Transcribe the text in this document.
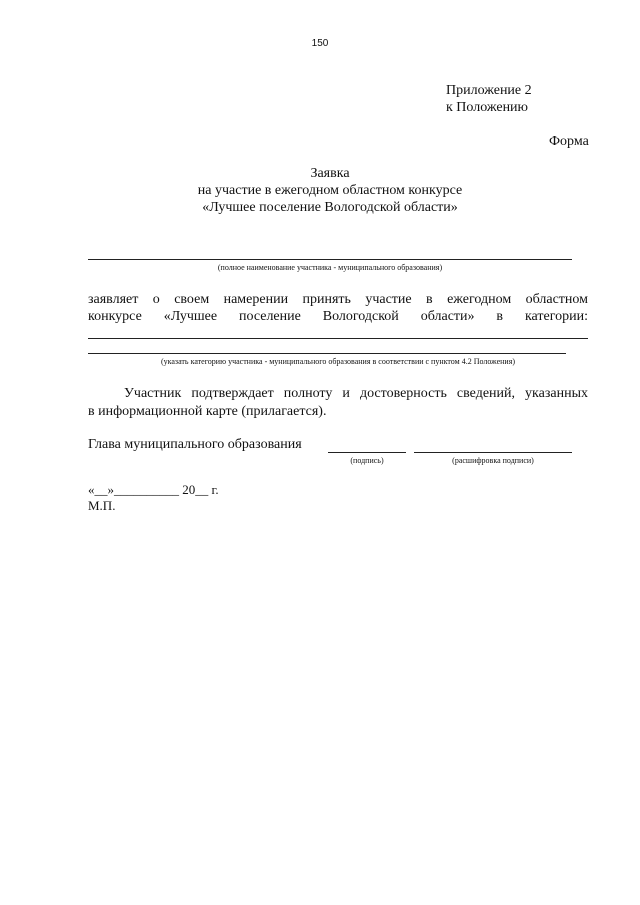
150
Приложение 2
к Положению
Форма
Заявка
на участие в ежегодном областном конкурсе
«Лучшее поселение Вологодской области»
(полное наименование участника - муниципального образования)
заявляет о своем намерении принять участие в ежегодном областном
конкурсе «Лучшее поселение Вологодской области» в категории:
(указать категорию участника - муниципального образования в соответствии с пунктом 4.2 Положения)
Участник подтверждает полноту и достоверность сведений, указанных
в информационной карте (прилагается).
Глава муниципального образования
(подпись)	(расшифровка подписи)
«__»__________ 20__ г.
М.П.
